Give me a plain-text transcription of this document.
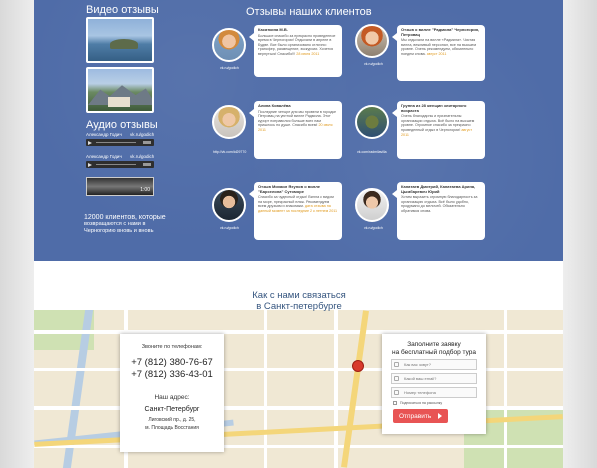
Видео отзывы
Аудио отзывы
Александр Годич vk.ru/godich
Александр Годич vk.ru/godich
1:00
12000 клиентов, которые
возвращаются с нами в
Черногорию вновь и вновь
Отзывы наших клиентов
vk.ru/godich
Касаткина М.В.
Большое спасибо за прекрасно проведенное время в Черногории! Отдыхали в апреле в Будве. Все было организовано отлично: трансфер, размещение, экскурсии. Хочется вернуться! Спасибо!!! 28 июля 2011
vk.ru/godich
Отзыв о вилле "Радмила" Черногория, Петровац
Мы отдыхали на вилле «Радмила». Чистая вилла, вежливый персонал, все на высшем уровне. Очень рекомендуем, обязательно поедем снова. август 2011
http://vk.com/id29770
Алина Ковалёва
Последние четыре дня мы провели в городке Петровац на уютной вилле Радмила. Этот курорт понравился больше всех нам пришлось по душе. Спасибо всем! 20 июля 2011
vk.com/radmilavilla
Группа из 28 женщин элитарного возраста
Очень благодарны и признательны организации отдыха. Всё было на высшем уровне. Огромное спасибо за прекрасно проведенный отдых в Черногории! август 2011
vk.ru/godich
Отзыв Михаил Яхунов о вилле "Барселона" Сутоморе
Спасибо за чудесный отдых! Вилла с видом на море, прекрасный пляж. Рекомендуем всем друзьям и знакомым. дата отзыва на данный момент за последние 2 к летнем 2011
vk.ru/godich
Канатаев Дмитрий, Канатаева Арина, Цымбаревич Юрий
Хотим выразить огромную благодарность за организацию отдыха. Всё было удобно, продумано до мелочей. Обязательно обратимся снова.
Как с нами связаться
в Санкт-петербурге
Звоните по телефонам:
+7 (812) 380-76-67
+7 (812) 336-43-01
Наш адрес:
Санкт-Петербург
Лиговский пр., д. 25,
м. Площадь Восстания
Заполните заявку
на бесплатный подбор тура
Как вас зовут?
Какой ваш email?
Номер телефона
Подписаться на рассылку
Отправить
